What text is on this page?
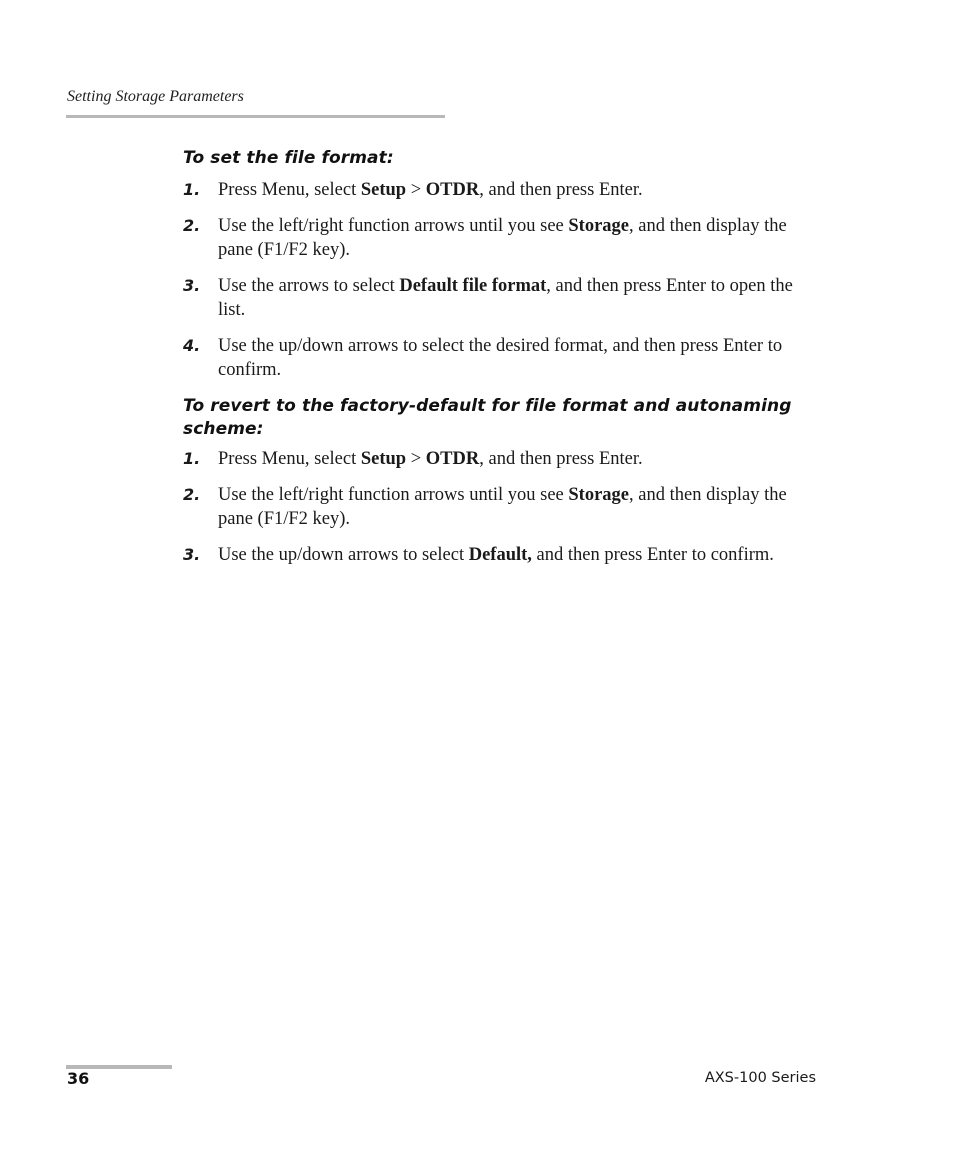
Setting Storage Parameters
To set the file format:
1. Press Menu, select Setup > OTDR, and then press Enter.
2. Use the left/right function arrows until you see Storage, and then display the pane (F1/F2 key).
3. Use the arrows to select Default file format, and then press Enter to open the list.
4. Use the up/down arrows to select the desired format, and then press Enter to confirm.
To revert to the factory-default for file format and autonaming scheme:
1. Press Menu, select Setup > OTDR, and then press Enter.
2. Use the left/right function arrows until you see Storage, and then display the pane (F1/F2 key).
3. Use the up/down arrows to select Default, and then press Enter to confirm.
36	AXS-100 Series
